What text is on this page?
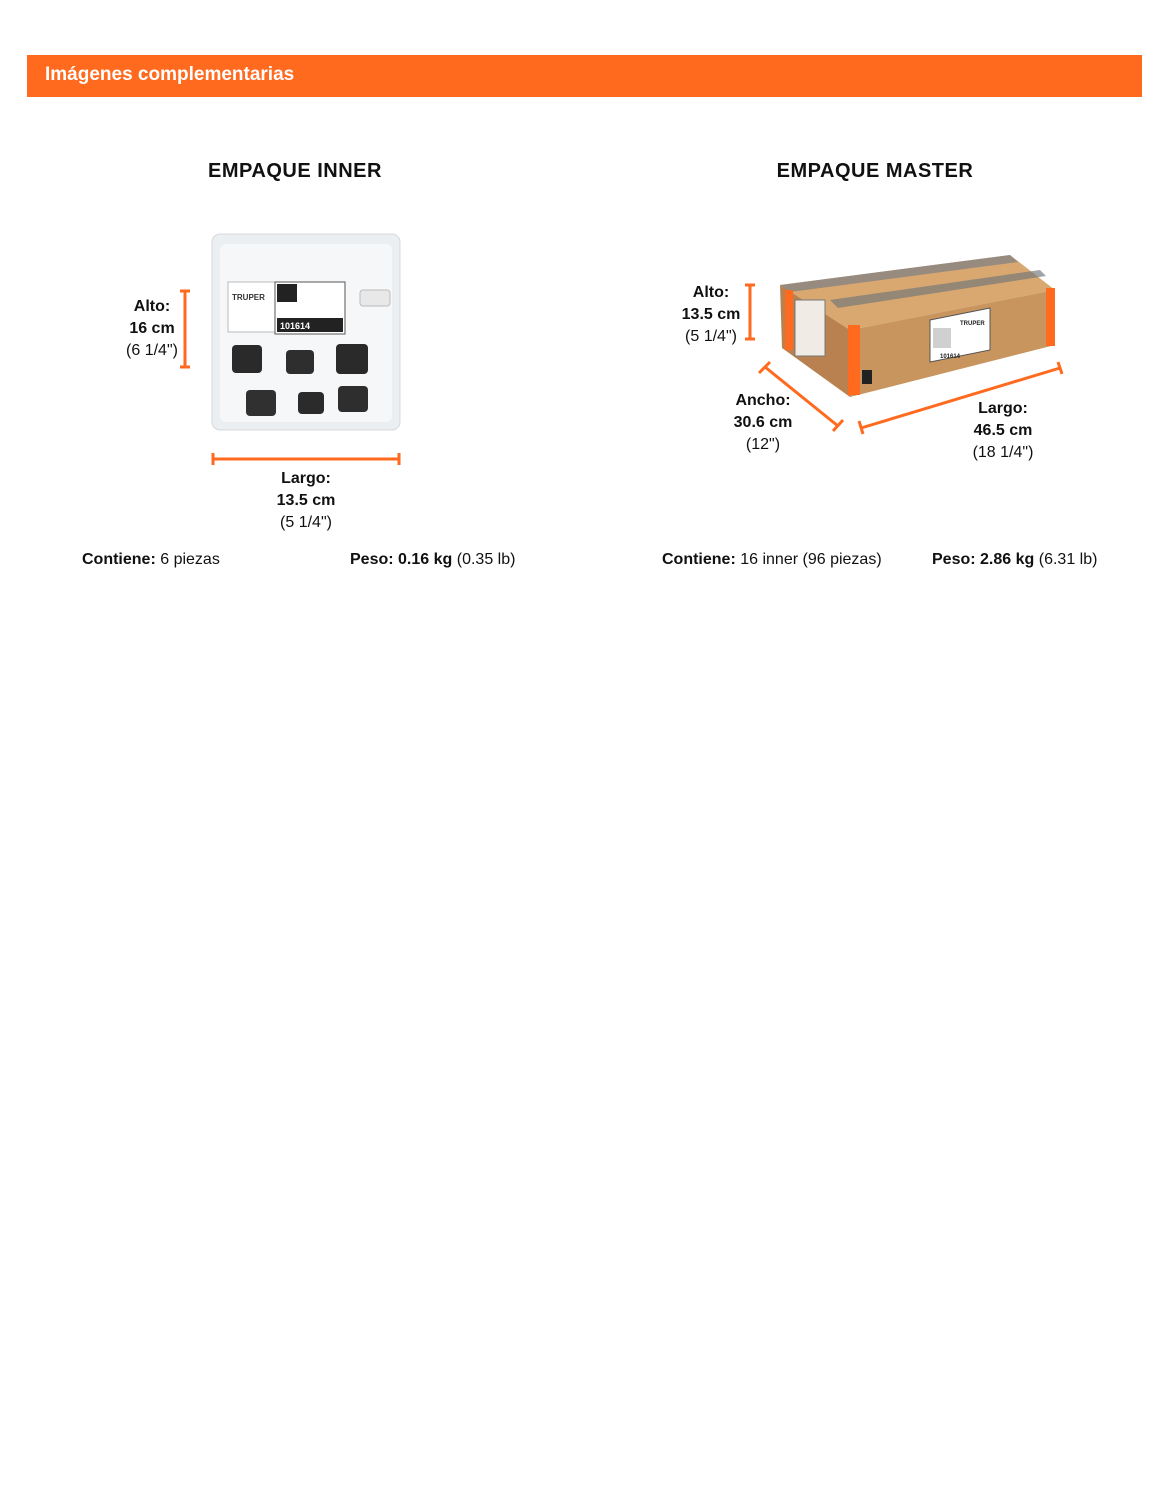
Imágenes complementarias
EMPAQUE INNER
TRUPER
101614	TRUPER
101614
Alto:
16 cm
(6 1/4")
Largo:
13.5 cm
(5 1/4")
Contiene: 6 piezas	Peso: 0.16 kg (0.35 lb)
EMPAQUE MASTER
Alto:
13.5 cm
(5 1/4")
Ancho:
30.6 cm
(12")
Largo:
46.5 cm
(18 1/4")
Contiene: 16 inner (96 piezas)	Peso: 2.86 kg (6.31 lb)
